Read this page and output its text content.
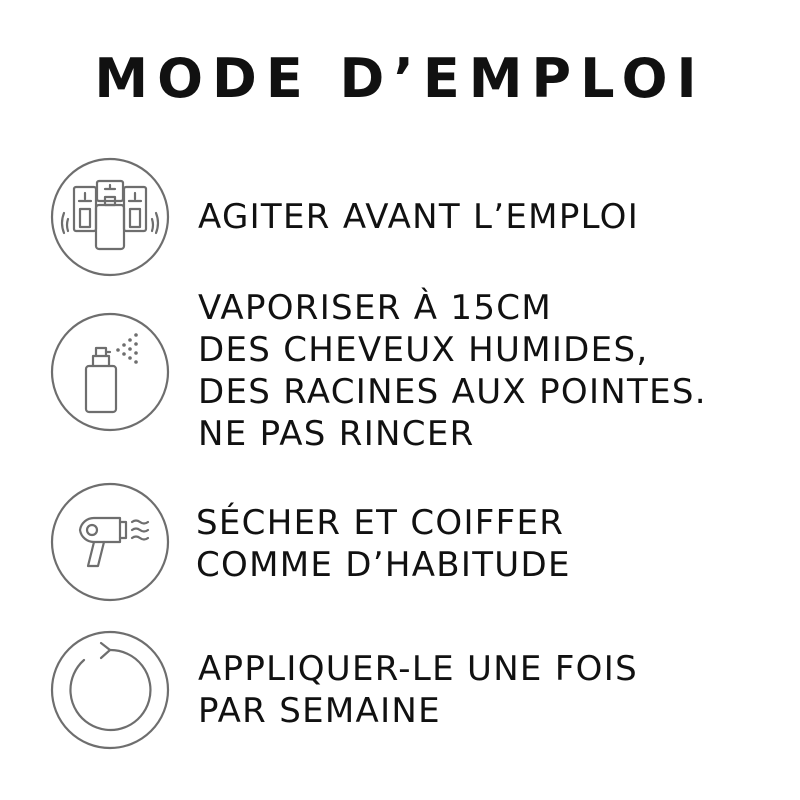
MODE D’EMPLOI
AGITER AVANT L’EMPLOI
VAPORISER À 15CM
DES CHEVEUX HUMIDES,
DES RACINES AUX POINTES.
NE PAS RINCER
SÉCHER ET COIFFER
COMME D’HABITUDE
APPLIQUER-LE UNE FOIS
PAR SEMAINE
